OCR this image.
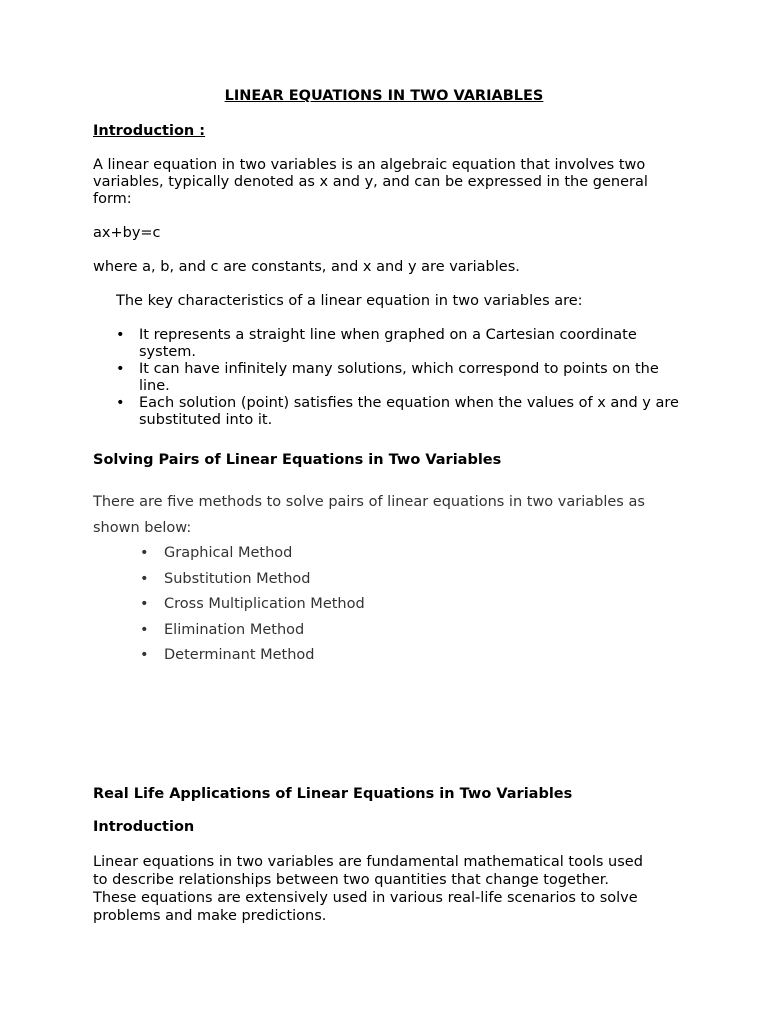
LINEAR EQUATIONS IN TWO VARIABLES
Introduction :

A linear equation in two variables is an algebraic equation that involves two variables, typically denoted as x and y, and can be expressed in the general form:

ax+by=c

where a, b, and c are constants, and x and y are variables.

The key characteristics of a linear equation in two variables are:

• It represents a straight line when graphed on a Cartesian coordinate system.
• It can have infinitely many solutions, which correspond to points on the line.
• Each solution (point) satisfies the equation when the values of x and y are substituted into it.
Solving Pairs of Linear Equations in Two Variables

There are five methods to solve pairs of linear equations in two variables as shown below:

• Graphical Method
• Substitution Method
• Cross Multiplication Method
• Elimination Method
• Determinant Method
Real Life Applications of Linear Equations in Two Variables
Introduction

Linear equations in two variables are fundamental mathematical tools used to describe relationships between two quantities that change together. These equations are extensively used in various real-life scenarios to solve problems and make predictions.
